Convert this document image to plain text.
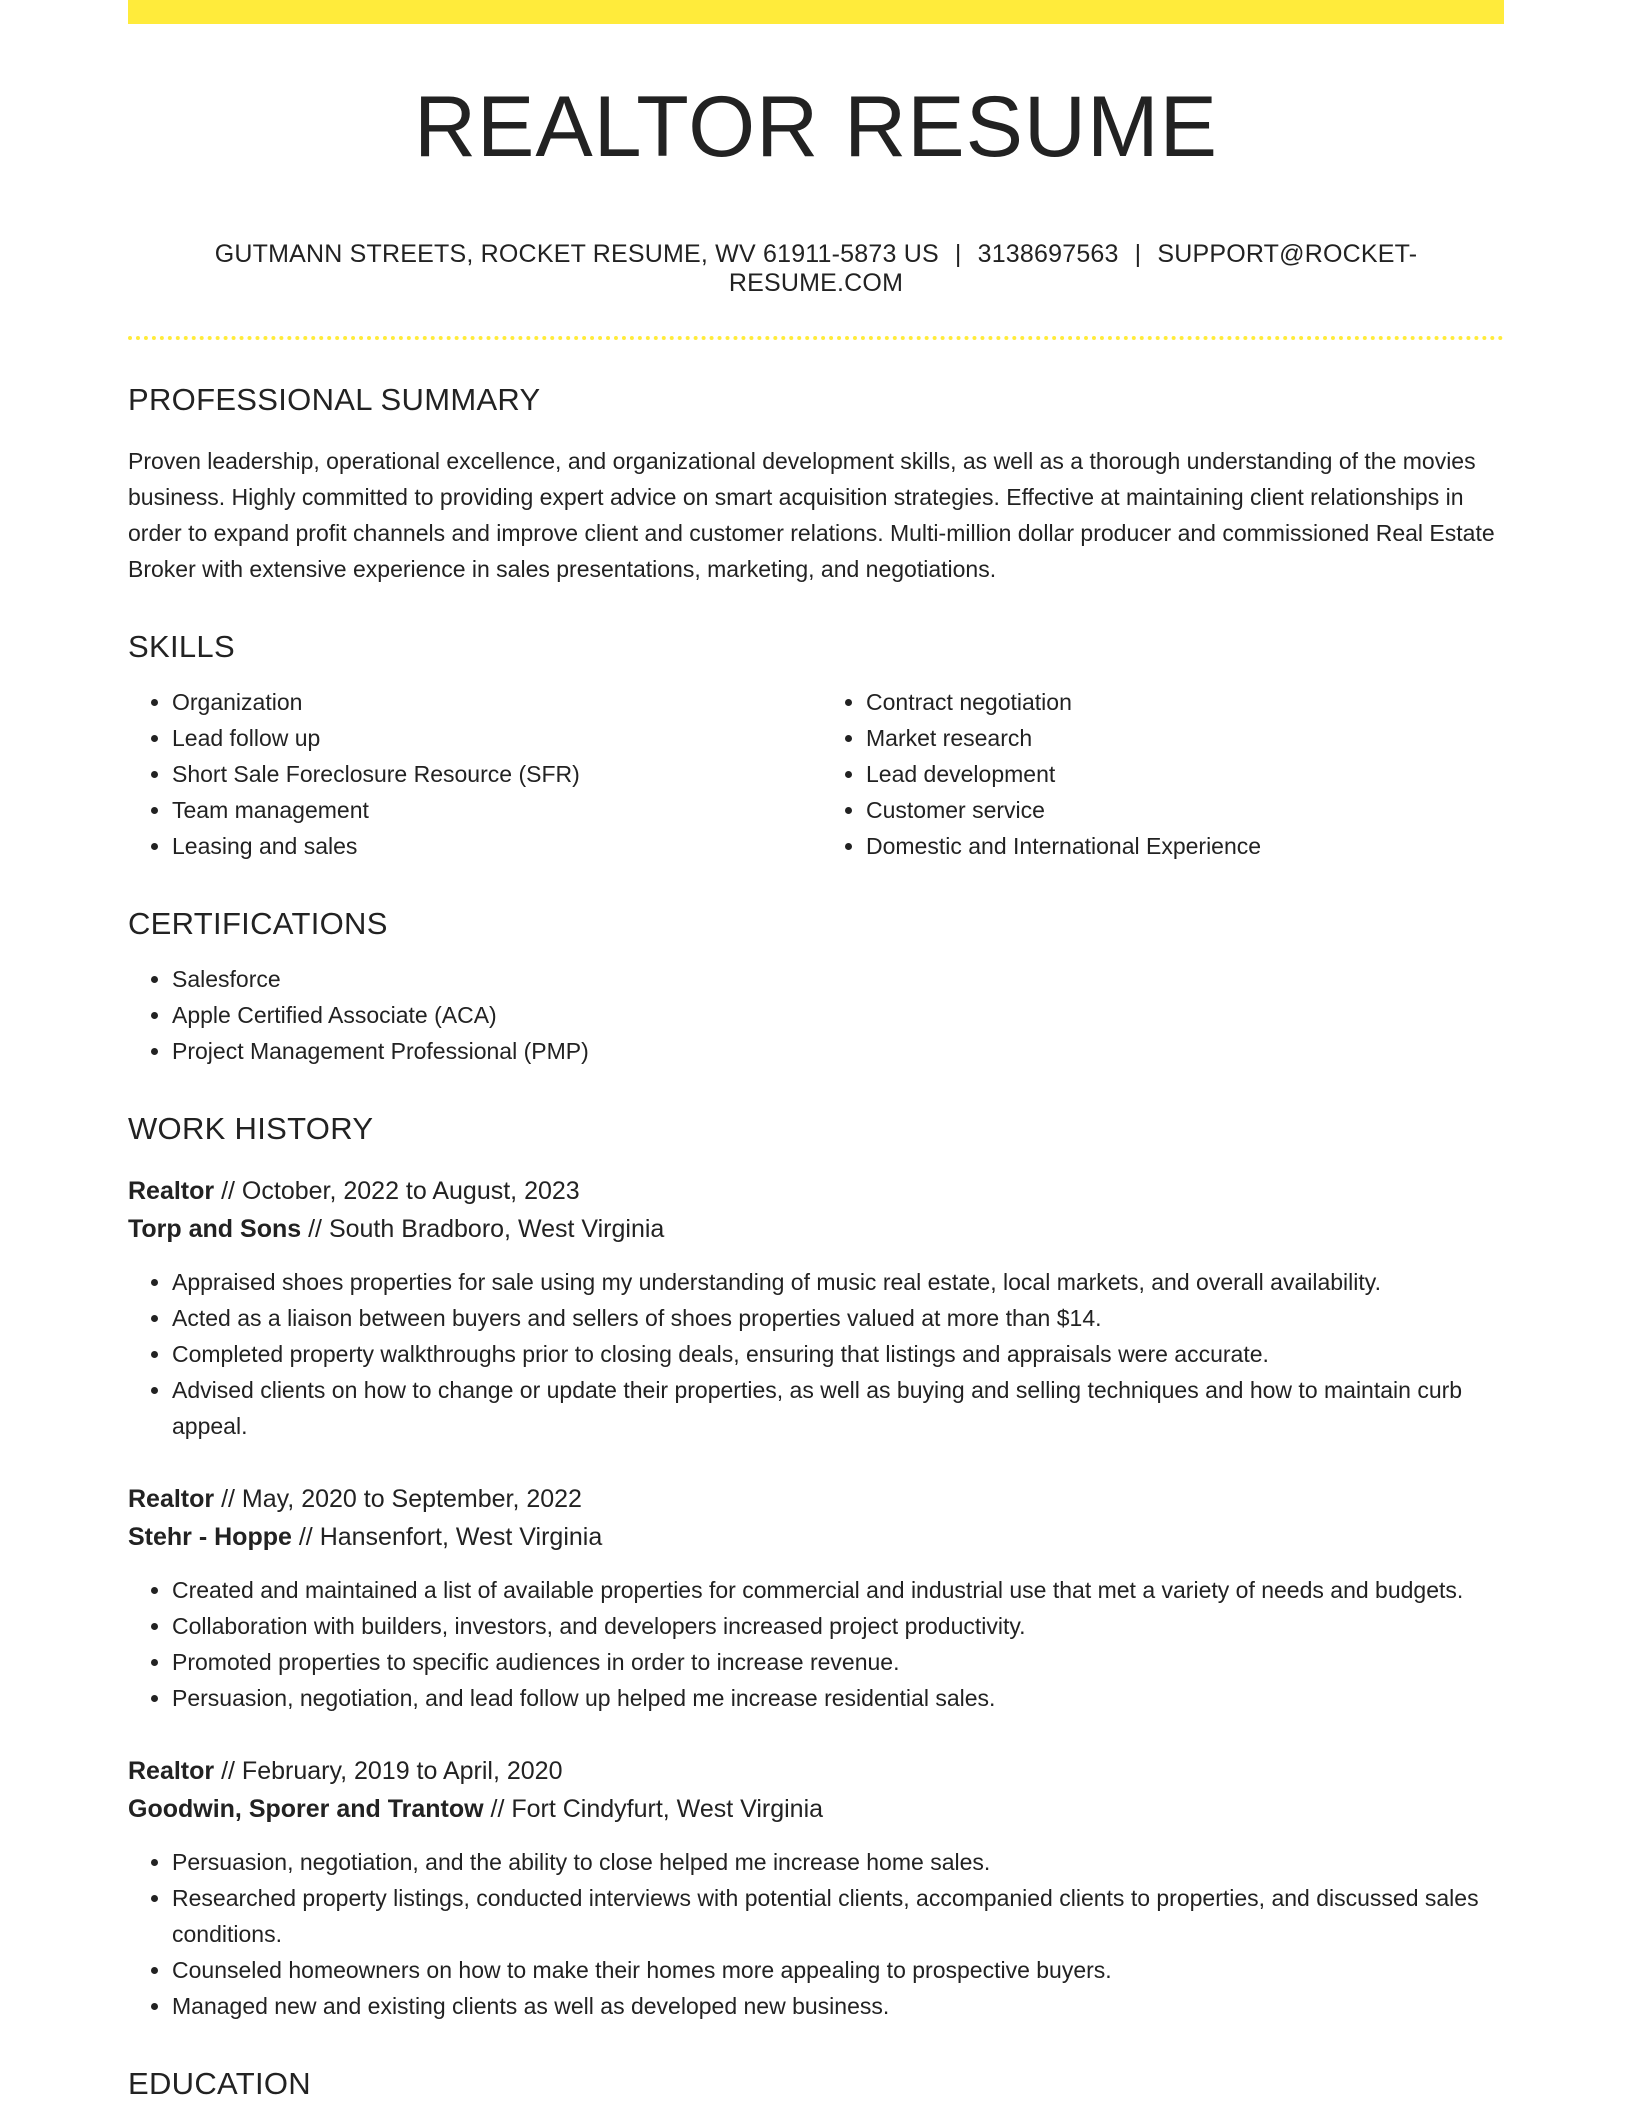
REALTOR RESUME
GUTMANN STREETS, ROCKET RESUME, WV 61911-5873 US | 3138697563 | SUPPORT@ROCKET-RESUME.COM
PROFESSIONAL SUMMARY

Proven leadership, operational excellence, and organizational development skills, as well as a thorough understanding of the movies business. Highly committed to providing expert advice on smart acquisition strategies. Effective at maintaining client relationships in order to expand profit channels and improve client and customer relations. Multi-million dollar producer and commissioned Real Estate Broker with extensive experience in sales presentations, marketing, and negotiations.

SKILLS
• Organization
• Lead follow up
• Short Sale Foreclosure Resource (SFR)
• Team management
• Leasing and sales
• Contract negotiation
• Market research
• Lead development
• Customer service
• Domestic and International Experience
CERTIFICATIONS
• Salesforce
• Apple Certified Associate (ACA)
• Project Management Professional (PMP)
WORK HISTORY
Realtor // October, 2022 to August, 2023
Torp and Sons // South Bradboro, West Virginia
• Appraised shoes properties for sale using my understanding of music real estate, local markets, and overall availability.
• Acted as a liaison between buyers and sellers of shoes properties valued at more than $14.
• Completed property walkthroughs prior to closing deals, ensuring that listings and appraisals were accurate.
• Advised clients on how to change or update their properties, as well as buying and selling techniques and how to maintain curb appeal.
Realtor // May, 2020 to September, 2022
Stehr - Hoppe // Hansenfort, West Virginia
• Created and maintained a list of available properties for commercial and industrial use that met a variety of needs and budgets.
• Collaboration with builders, investors, and developers increased project productivity.
• Promoted properties to specific audiences in order to increase revenue.
• Persuasion, negotiation, and lead follow up helped me increase residential sales.
Realtor // February, 2019 to April, 2020
Goodwin, Sporer and Trantow // Fort Cindyfurt, West Virginia
• Persuasion, negotiation, and the ability to close helped me increase home sales.
• Researched property listings, conducted interviews with potential clients, accompanied clients to properties, and discussed sales conditions.
• Counseled homeowners on how to make their homes more appealing to prospective buyers.
• Managed new and existing clients as well as developed new business.
EDUCATION
